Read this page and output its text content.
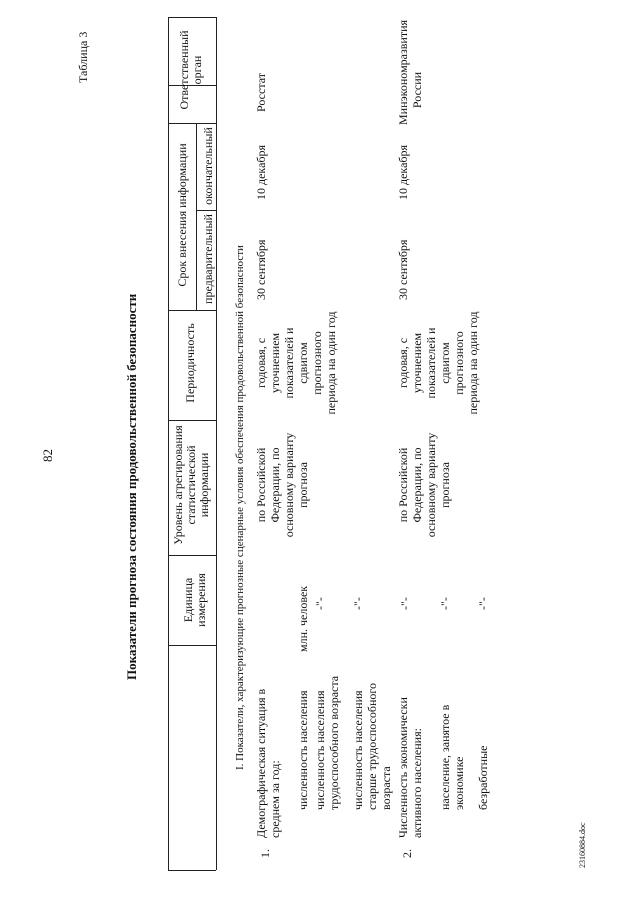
82
Таблица 3
Показатели прогноза состояния продовольственной безопасности
23160884.doc
Единица измерения
Уровень агрегирования статистической информации
Периодичность
Срок внесения информации предварительный
окончательный
Ответственный орган
I. Показатели, характеризующие прогнозные сценарные условия обеспечения продовольственной безопасности
1.
Демографическая ситуация в среднем за год: численность населения
млн. человек
численность населения трудоспособного возраста
-"-
численность населения старше трудоспособного возраста
-"-
по Российской Федерации, по основному варианту прогноза
годовая, с уточнением показателей и сдвигом прогнозного периода на один год
30 сентября
10 декабря
Росстат
2.
Численность экономически активного населения:
-"-
население, занятое в экономике
-"-
безработные
-"-
по Российской Федерации, по основному варианту прогноза
годовая, с уточнением показателей и сдвигом прогнозного периода на один год
30 сентября
10 декабря
Минэкономразвития России
